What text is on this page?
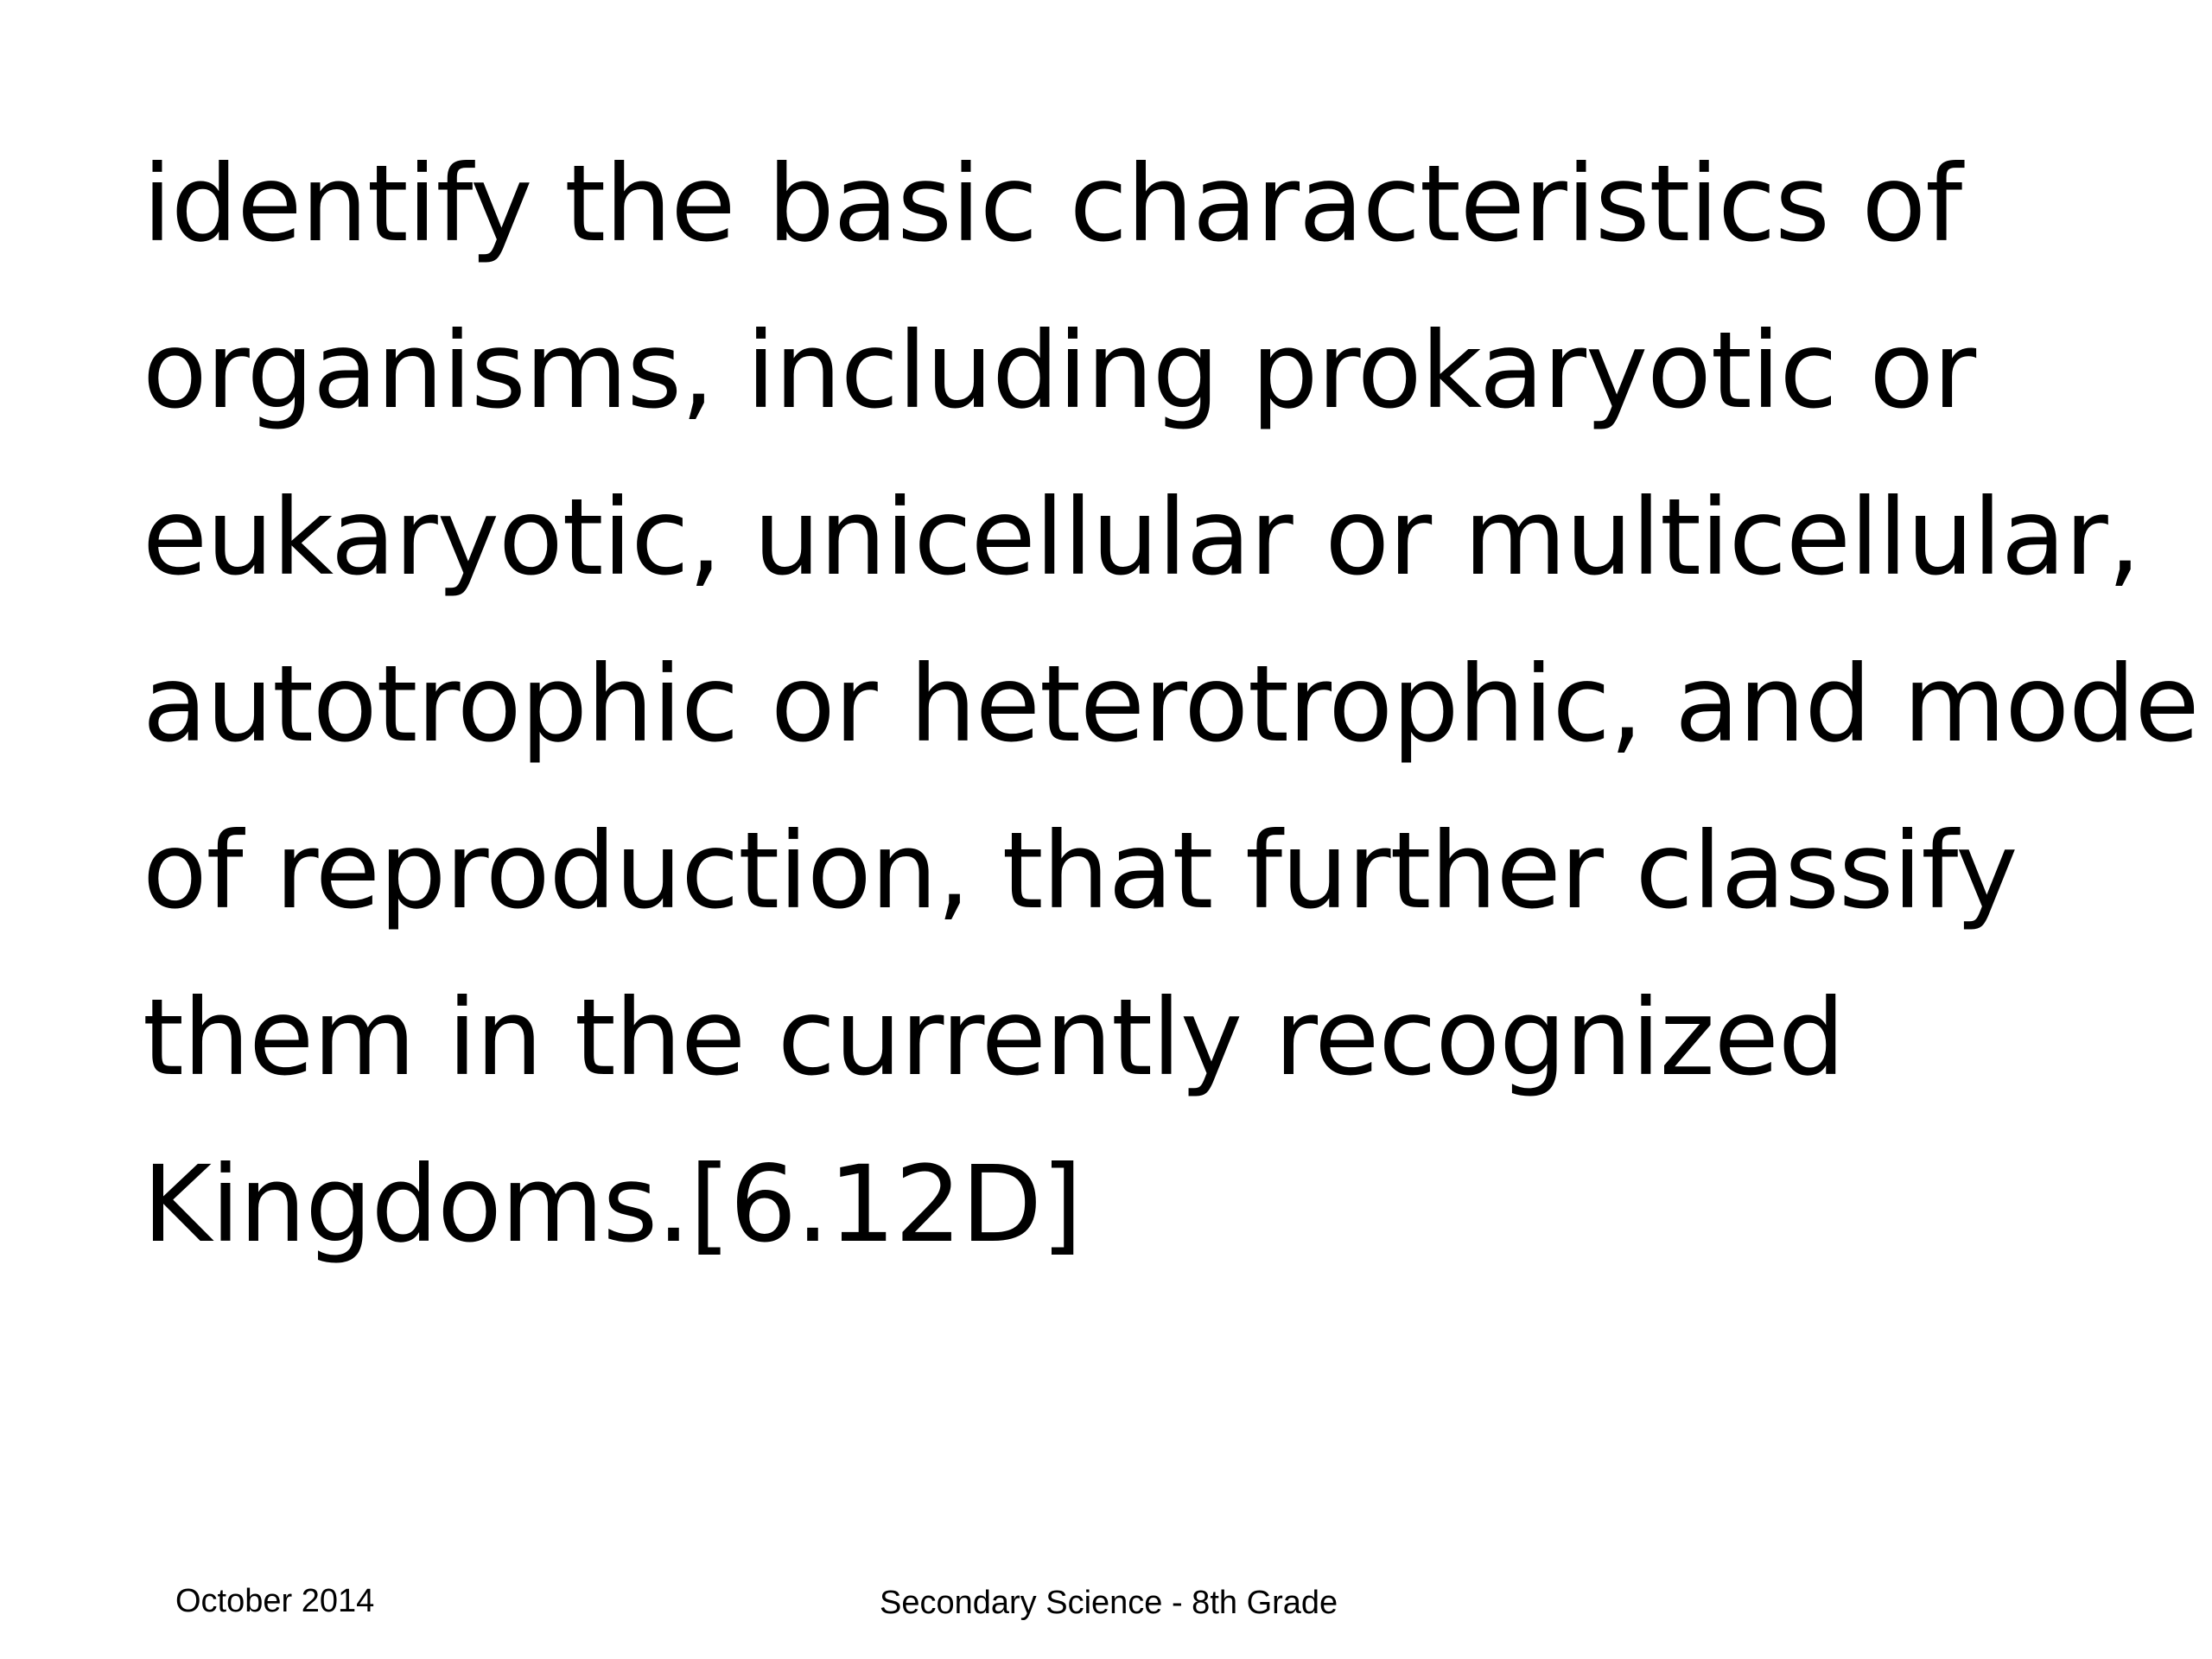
identify the basic characteristics of
organisms, including prokaryotic or
eukaryotic, unicellular or multicellular,
autotrophic or heterotrophic, and mode
of reproduction, that further classify
them in the currently recognized
Kingdoms.[6.12D]

October 2014	Secondary Science - 8th Grade
